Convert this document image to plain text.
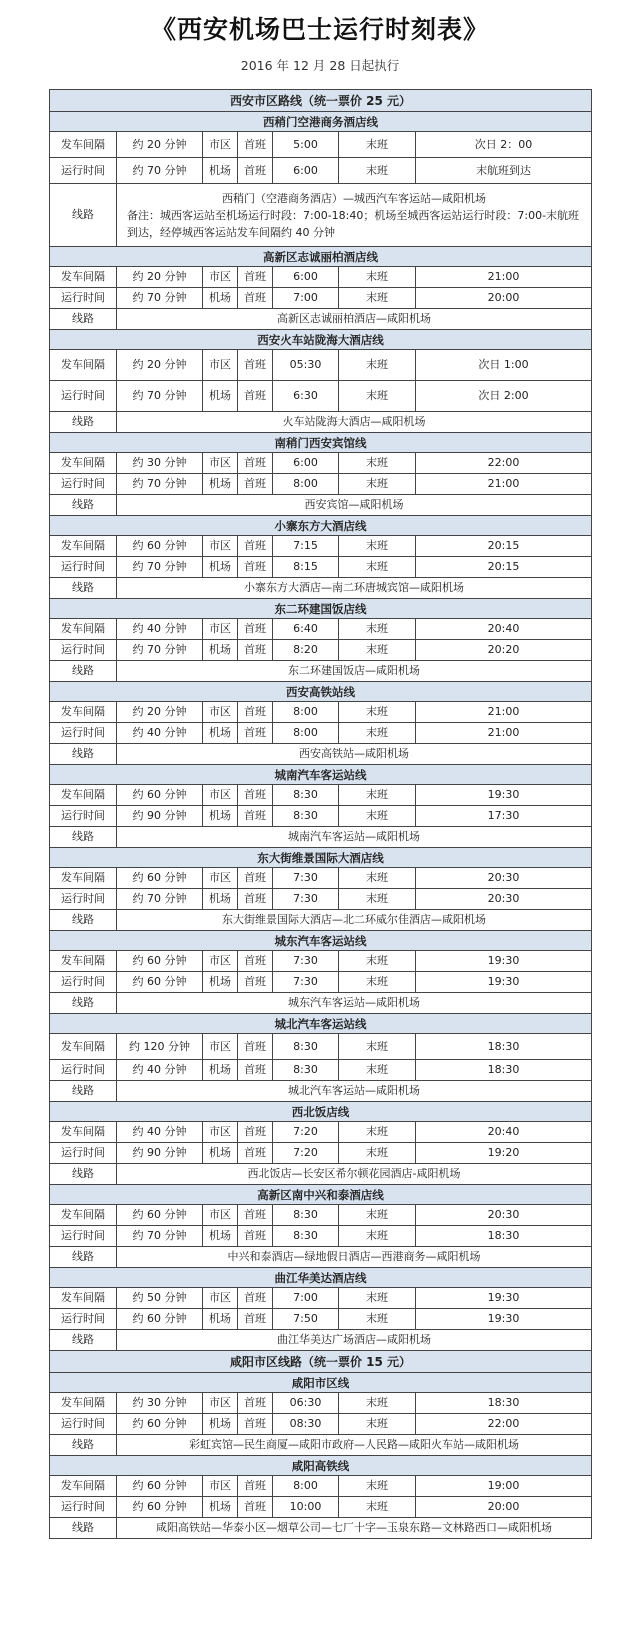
《西安机场巴士运行时刻表》
2016 年 12 月 28 日起执行
西安市区路线（统一票价 25 元）						
西稍门空港商务酒店线						
发车间隔	约 20 分钟	市区	首班	5:00	末班	次日 2：00
运行时间	约 70 分钟	机场	首班	6:00	末班	末航班到达
线路	西稍门（空港商务酒店）—城西汽车客运站—咸阳机场
备注：城西客运站至机场运行时段：7:00-18:40；机场至城西客运站运行时段：7:00-末航班到达，经停城西客运站发车间隔约 40 分钟					

高新区志诚丽柏酒店线						
发车间隔	约 20 分钟	市区	首班	6:00	末班	21:00
运行时间	约 70 分钟	机场	首班	7:00	末班	20:00
线路	高新区志诚丽柏酒店—咸阳机场					
西安火车站陇海大酒店线						
发车间隔	约 20 分钟	市区	首班	05:30	末班	次日 1:00
运行时间	约 70 分钟	机场	首班	6:30	末班	次日 2:00
线路	火车站陇海大酒店—咸阳机场					
南稍门西安宾馆线						
发车间隔	约 30 分钟	市区	首班	6:00	末班	22:00
运行时间	约 70 分钟	机场	首班	8:00	末班	21:00
线路	西安宾馆—咸阳机场					
小寨东方大酒店线						
发车间隔	约 60 分钟	市区	首班	7:15	末班	20:15
运行时间	约 70 分钟	机场	首班	8:15	末班	20:15
线路	小寨东方大酒店—南二环唐城宾馆—咸阳机场					
东二环建国饭店线						
发车间隔	约 40 分钟	市区	首班	6:40	末班	20:40
运行时间	约 70 分钟	机场	首班	8:20	末班	20:20
线路	东二环建国饭店—咸阳机场					
西安高铁站线						
发车间隔	约 20 分钟	市区	首班	8:00	末班	21:00
运行时间	约 40 分钟	机场	首班	8:00	末班	21:00
线路	西安高铁站—咸阳机场					
城南汽车客运站线						
发车间隔	约 60 分钟	市区	首班	8:30	末班	19:30
运行时间	约 90 分钟	机场	首班	8:30	末班	17:30
线路	城南汽车客运站—咸阳机场					
东大街维景国际大酒店线						
发车间隔	约 60 分钟	市区	首班	7:30	末班	20:30
运行时间	约 70 分钟	机场	首班	7:30	末班	20:30
线路	东大街维景国际大酒店—北二环威尔佳酒店—咸阳机场					
城东汽车客运站线						
发车间隔	约 60 分钟	市区	首班	7:30	末班	19:30
运行时间	约 60 分钟	机场	首班	7:30	末班	19:30
线路	城东汽车客运站—咸阳机场					
城北汽车客运站线						
发车间隔	约 120 分钟	市区	首班	8:30	末班	18:30
运行时间	约 40 分钟	机场	首班	8:30	末班	18:30
线路	城北汽车客运站—咸阳机场					
西北饭店线						
发车间隔	约 40 分钟	市区	首班	7:20	末班	20:40
运行时间	约 90 分钟	机场	首班	7:20	末班	19:20
线路	西北饭店—长安区希尔顿花园酒店-咸阳机场					
高新区南中兴和泰酒店线						
发车间隔	约 60 分钟	市区	首班	8:30	末班	20:30
运行时间	约 70 分钟	机场	首班	8:30	末班	18:30
线路	中兴和泰酒店—绿地假日酒店—西港商务—咸阳机场					
曲江华美达酒店线						
发车间隔	约 50 分钟	市区	首班	7:00	末班	19:30
运行时间	约 60 分钟	机场	首班	7:50	末班	19:30
线路	曲江华美达广场酒店—咸阳机场					
咸阳市区线路（统一票价 15 元）						
咸阳市区线						
发车间隔	约 30 分钟	市区	首班	06:30	末班	18:30
运行时间	约 60 分钟	机场	首班	08:30	末班	22:00
线路	彩虹宾馆—民生商厦—咸阳市政府—人民路—咸阳火车站—咸阳机场					
咸阳高铁线						
发车间隔	约 60 分钟	市区	首班	8:00	末班	19:00
运行时间	约 60 分钟	机场	首班	10:00	末班	20:00
线路	咸阳高铁站—华泰小区—烟草公司—七厂十字—玉泉东路—文林路西口—咸阳机场					
